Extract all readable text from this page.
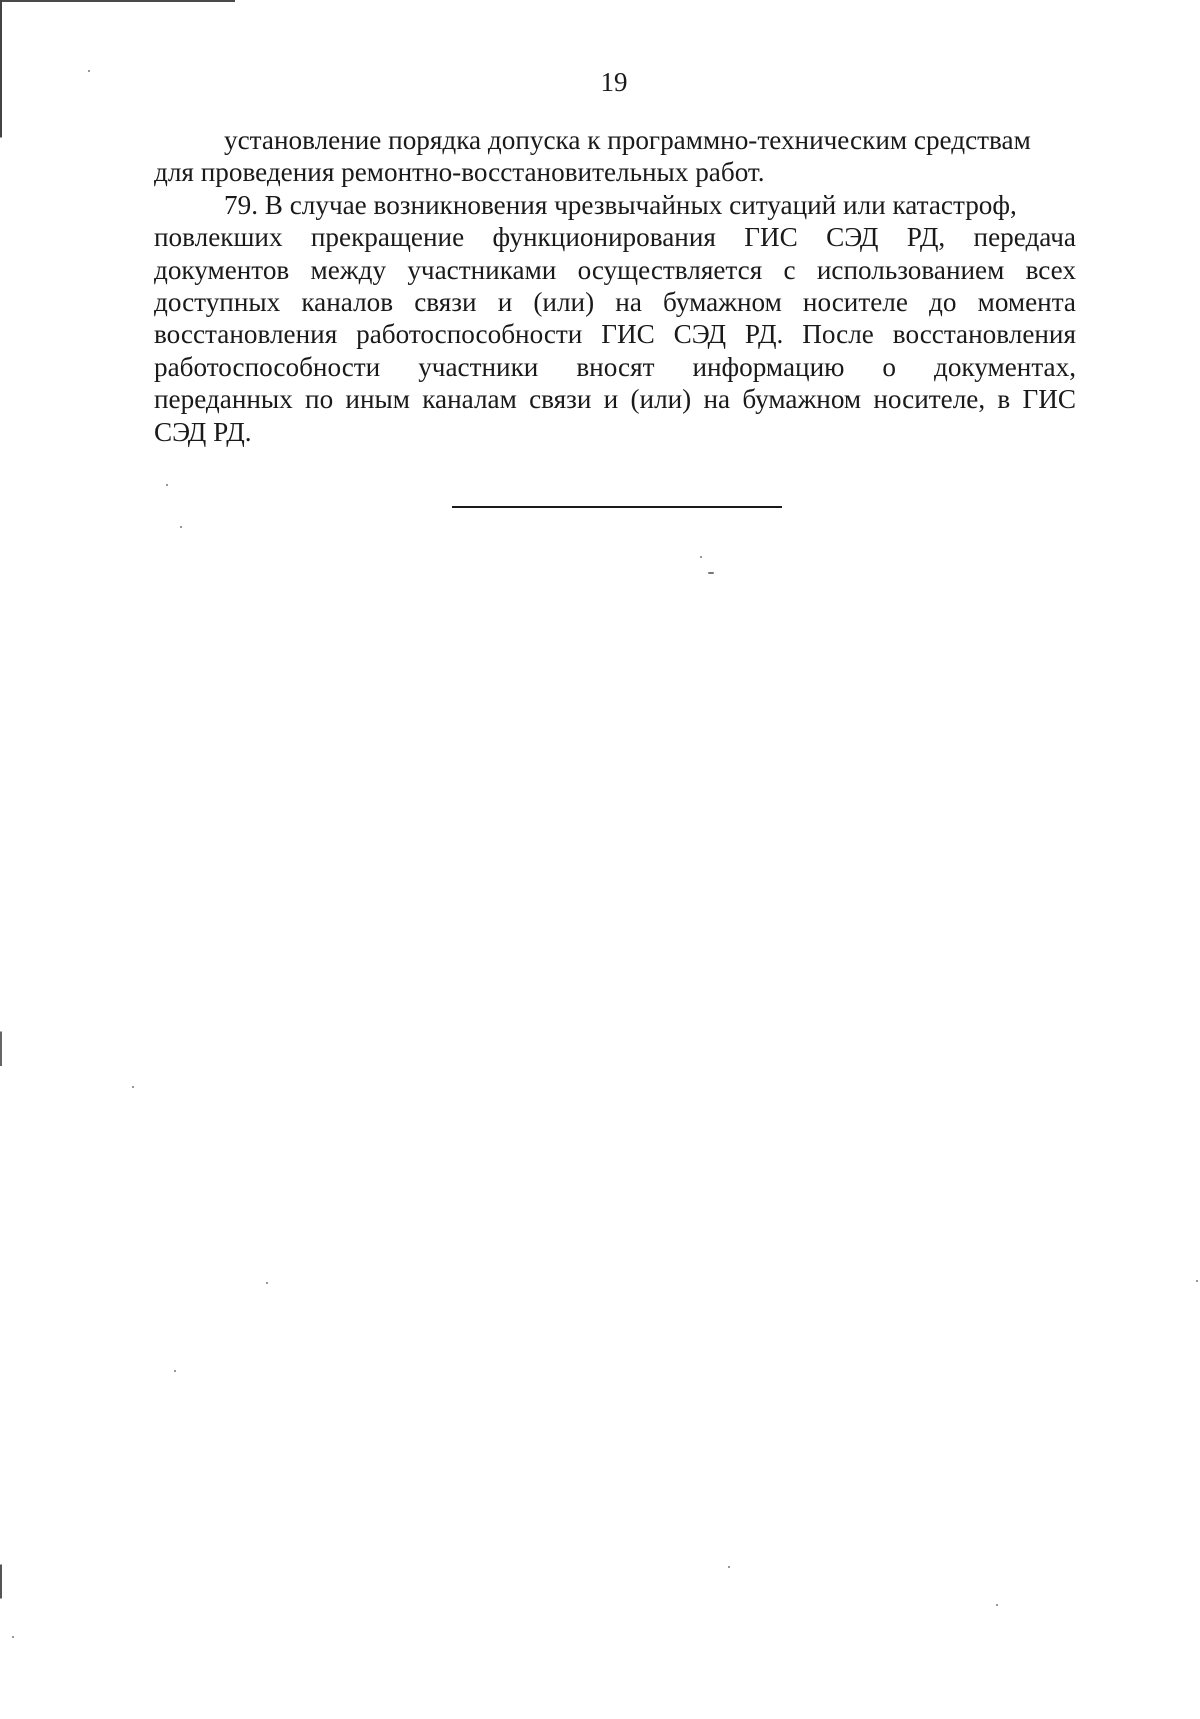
19
установление порядка допуска к программно-техническим средствам
для проведения ремонтно-восстановительных работ.
79. В случае возникновения чрезвычайных ситуаций или катастроф,
повлекших прекращение функционирования ГИС СЭД РД, передача
документов между участниками осуществляется с использованием всех
доступных каналов связи и (или) на бумажном носителе до момента
восстановления работоспособности ГИС СЭД РД. После восстановления
работоспособности участники вносят информацию о документах,
переданных по иным каналам связи и (или) на бумажном носителе, в ГИС
СЭД РД.
